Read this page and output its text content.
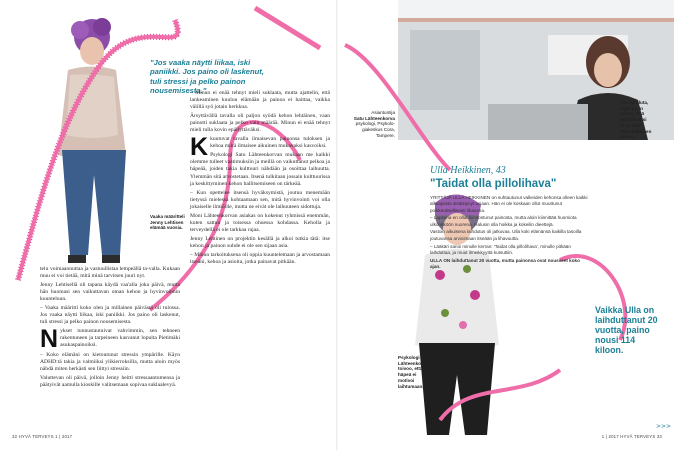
"Jos vaaka näytti liikaa, iski paniikki. Jos paino oli laskenut, tuli stressi ja pelko painon nousemisesta."
Vaaka määritteli
Jenny Lehtisen
elämää vuosia.

telu voimaannuttaa ja vastuullistaa lempeällä ta-valla. Kukaan muu ei voi tietää, mitä minä tarvitsen juuri nyt.

Jenny Lehtisellä oli tapana käydä vaa'alla joka päivä, mutta hän huomasi sen vaikuttavan oman kehon ja hyvinvoinnin kuunteluun.

– Vaaka määritti koko olen ja millainen päivästä oli tulossa. Jos vaaka näytti liikaa, iski paniikki. Jos paino oli laskenut, tuli stressi ja pelko painon nousemisesta.

Nykset tunnustautuivat vahvimmin, sen tehneen rakentuneen ja tarpeineen kasvanut lopulta Pietimäki asukaspainoiksi.

– Koko elämäni on kietoutunut stressin ympärille. Käyn ADHD:tä takia ja valmiiksi ylikierroksilla, mutta aloin myös nähdä miten herkästi sen liittyi stressiin.

Valuttevan oli päivä, jolloin Jenny heitti stressaantumensa ja päätyivät aamulla kioskille valitsemaan sopivaa suklaalevyä.

– Minun ei enää tehnyt mieli suklaata, mutta ajattelin, että lankeaminen kuuluu elämään ja painoa ei haittaa, vaikka välillä syö jotain herkkua.

Ärsyttävällä tavalla oli paljon syödä kehon lehtäinen, vaan painotti suklaata ja pelko vain määrää. Minun ei enää tehnyt mieli tulla kovin epäilyttäväksi.

Kkuutuvat tavalla ilmaisevan painonsa tuloksen ja kehoa miltä ilmaisee aikuinen mukavaksi kasvoiksi.

Psykologi Satu Lähteenkorvan mukaan me kaikki olemme tulleet vaatimuksiin ja meillä on vaikuttanut pelkoa ja häpeää, joiden takia kulttuuri nähdään ja osoittaa laihuutta. Ylemmän sitä arvostetaan. Itsenä tulkitaan jossain kulttuurissa ja keskittyminen kehon hallitsemiseen on tärkeää.

– Kun opettelee itsensä hyväksymistä, joutuu menemään tietyssä mielessä kohtaamaan sen, mitä hyvinvointi voi olla jokaiselle ilmiöille, mutta ne eivät ole laihuuteen sidottuja.

Moni Lähteenkorvan asiakas on kokenut ryhmissä enemmän, kuten sattuu ja toisessa ohuessa kohdassa. Keholla ja terveydellä ei ole tarkkaa rajaa.

Jenny Lehtinen on projektin kesällä ja alkoi tutkia tätä: itse kehon ja painon suhde ei ole sen sijaan asia.

– Minun tarkoituksena oli oppia kuuntelemaan ja arvostamaan itseäni, kehoa ja asioita, jotka painavat pitkään.

Asiantuntija
Satu Lähteenkorva
psykologi, Psykolo-
giakeskus Cora,
Tampere.
"En laihduta,
vaan pyrin
siihen, että
minulla olisi
hyvä olla",
Ulla Heikkinen
sanoo.
Ulla Heikkinen, 43
"Taidat olla pillolihava"

YRITTÄJÄ ULLA HEIKKINEN on suhtautunut valkeiden kehonsa olleen kaikki alkuajoista sisäistynyt asiaan. Hän ei ole koskaan ollut muuttunut poikkeuksellisesti lihavana.

– Lapsena en ollut kiinnostunut painosta, mutta aloin kiinnittää huomiota ulkonäköön nuorena. Halusin olla hoikka ja kokeilin dieettejä.

Vastoin aikuisena laihdutus oli jatkuvaa. Ulla koki elämänsä kaikilla tasoilla joutuvansa arvioimaan itseään ja lihavuutta.

– Lääkäri sanoi minulle kerran: 'Taidat olla pillolihava', minulle pitkään laihduttaa, ja muut ilmeikkyyttä kutsuttiin.

ULLA ON laihduttanut 20 vuotta, mutta painonsa ovat nousseet koko ajan.

Vaikka Ulla on laihduttanut 20 vuotta, paino nousi 114 kiloon.
Psykologi Satu
Lähteenkorva
toivoo, että
häpeä ei
motivoi
laihtumaan.
32 HYVÄ TERVEYS 1 | 2017	1 | 2017 HYVÄ TERVEYS 33
>>>
